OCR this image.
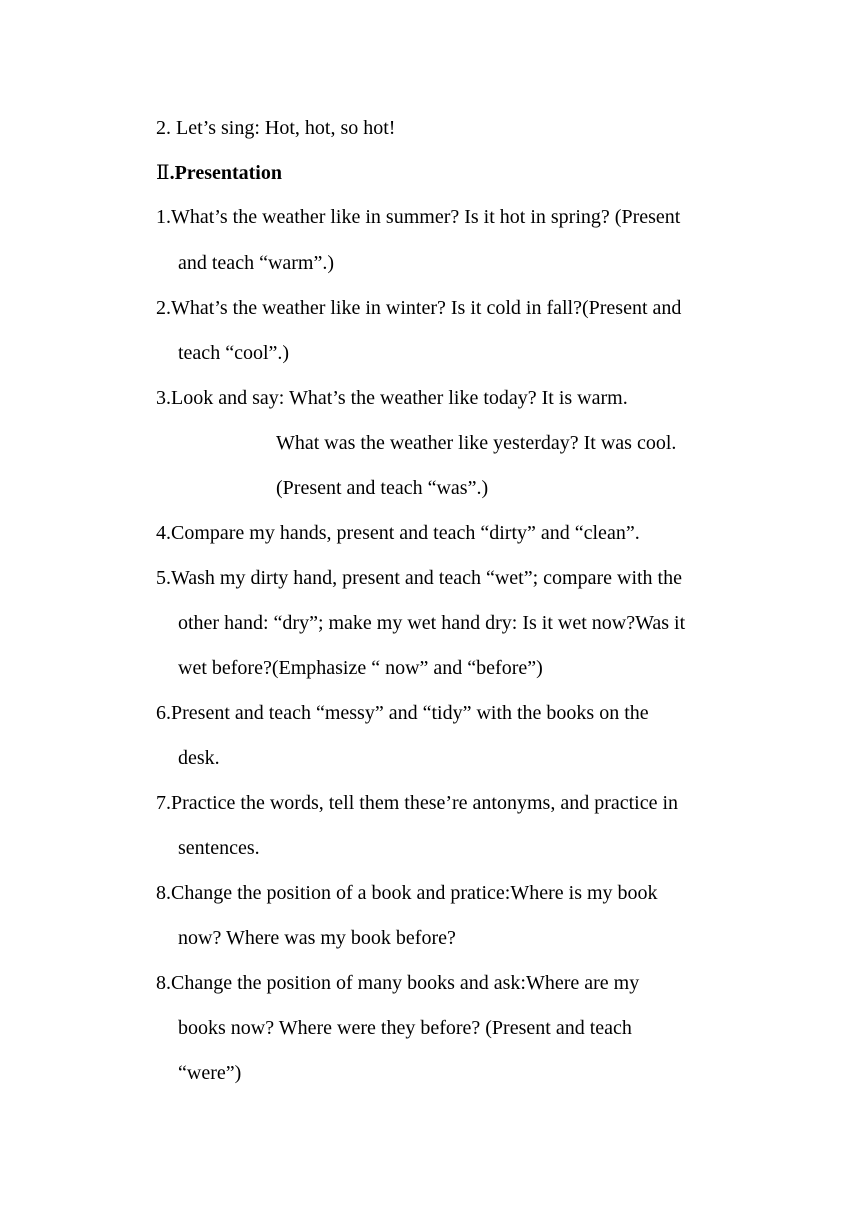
2. Let’s sing: Hot, hot, so hot!
Ⅱ.Presentation
1.What’s the weather like in summer? Is it hot in spring? (Present
and teach “warm”.)
2.What’s the weather like in winter? Is it cold in fall?(Present and
teach “cool”.)
3.Look and say: What’s the weather like today? It is warm.
What was the weather like yesterday? It was cool.
(Present and teach “was”.)
4.Compare my hands, present and teach “dirty” and “clean”.
5.Wash my dirty hand, present and teach “wet”; compare with the
other hand: “dry”; make my wet hand dry: Is it wet now?Was it
wet before?(Emphasize “ now” and “before”)
6.Present and teach “messy” and “tidy” with the books on the
desk.
7.Practice the words, tell them these’re antonyms, and practice in
sentences.
8.Change the position of a book and pratice:Where is my book
now? Where was my book before?
8.Change the position of many books and ask:Where are my
books now? Where were they before? (Present and teach
“were”)
